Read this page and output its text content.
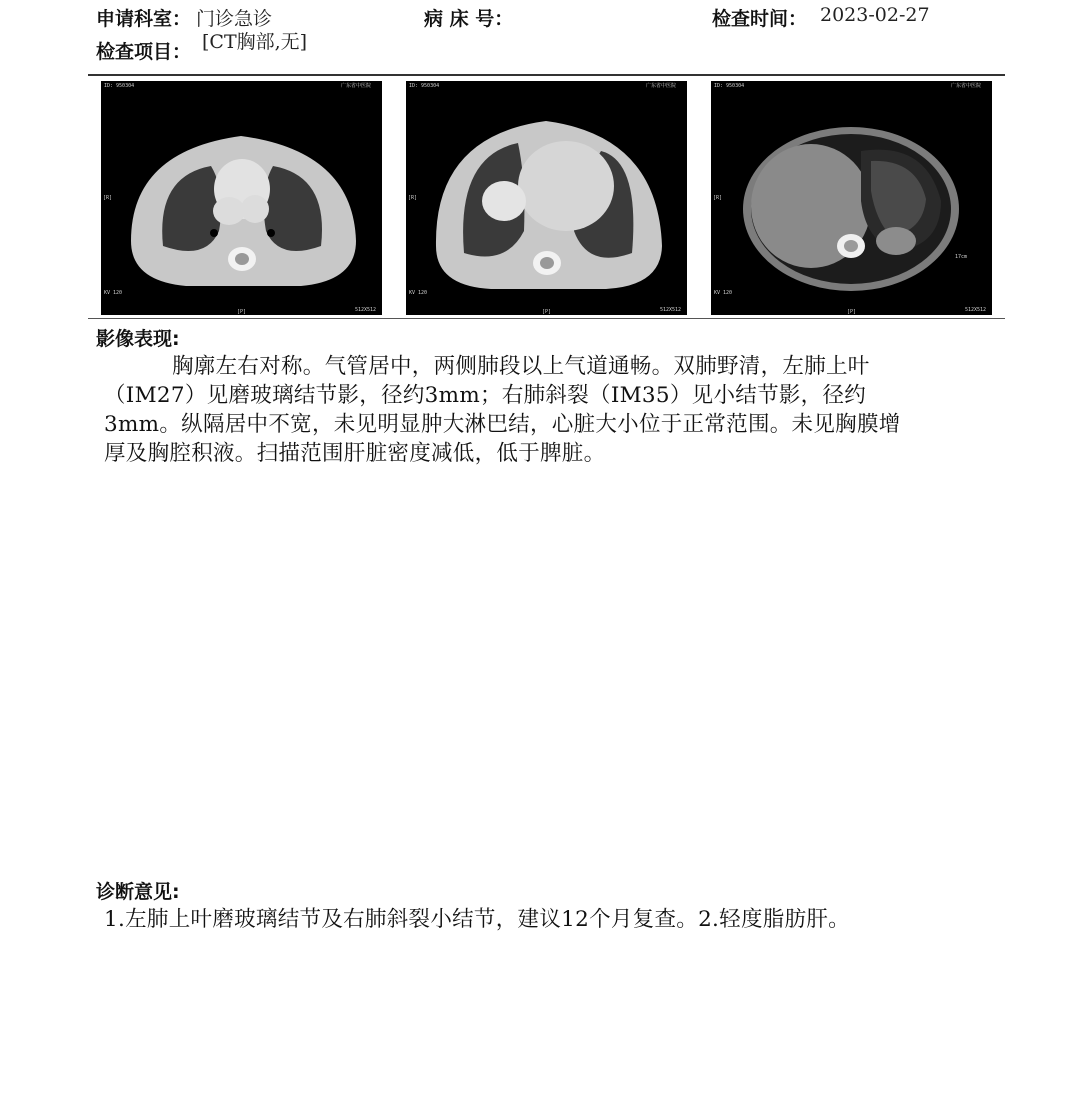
申请科室： 门诊急诊	病 床 号：	检查时间： 2023-02-27
检查项目： [CT胸部,无]
ID: 950304	广东省中医院
[R]
KV 120
512X512
[P]
ID: 950304	广东省中医院
[R]
KV 120
512X512
[P]
ID: 950304	广东省中医院
[R]
17cm
KV 120
512X512
[P]
影像表现:
胸廓左右对称。气管居中，两侧肺段以上气道通畅。双肺野清，左肺上叶（IM27）见磨玻璃结节影，径约3mm；右肺斜裂（IM35）见小结节影，径约3mm。纵隔居中不宽，未见明显肿大淋巴结，心脏大小位于正常范围。未见胸膜增厚及胸腔积液。扫描范围肝脏密度减低，低于脾脏。
诊断意见:
1.左肺上叶磨玻璃结节及右肺斜裂小结节，建议12个月复查。2.轻度脂肪肝。
